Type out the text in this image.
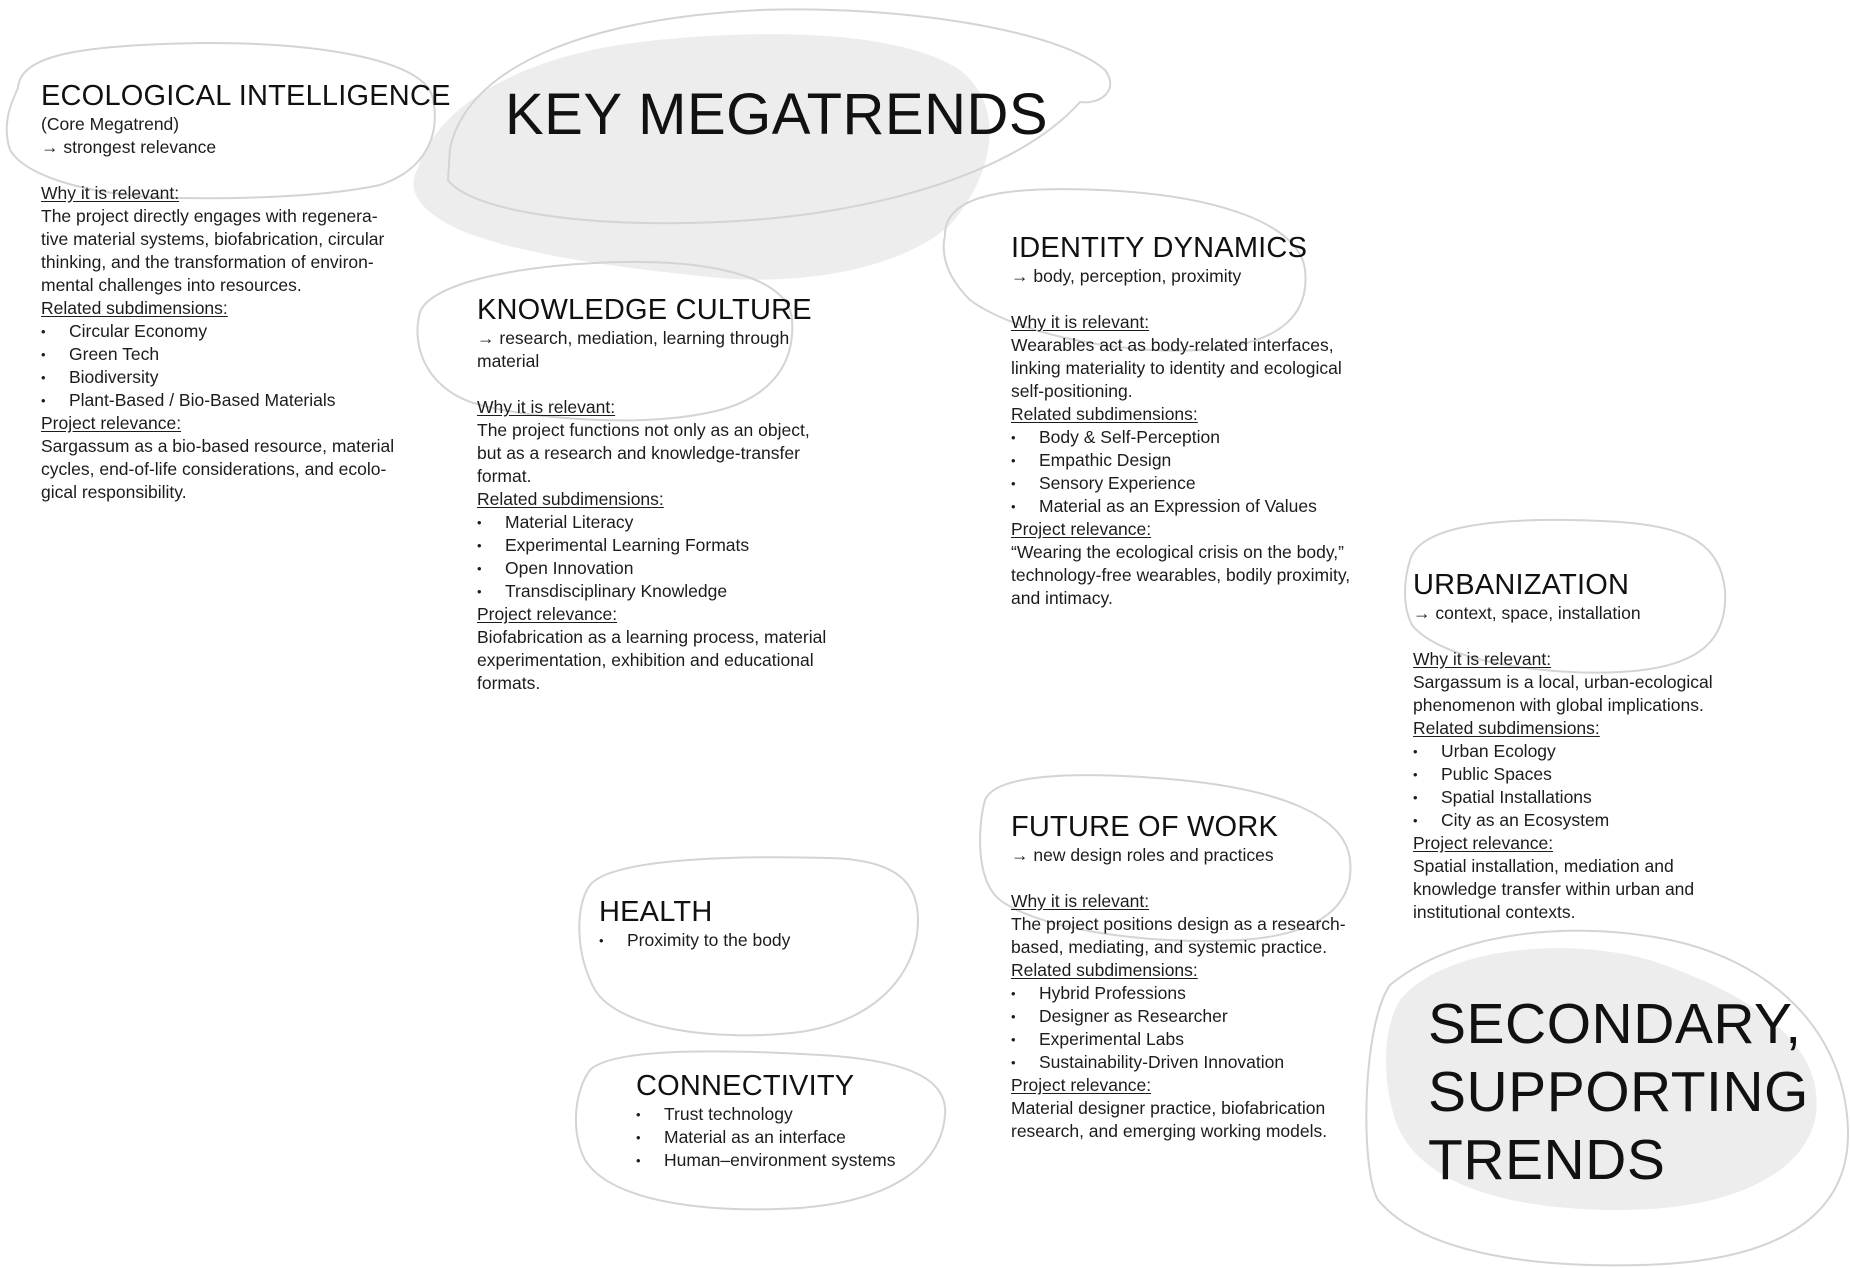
KEY MEGATRENDS
SECONDARY,
SUPPORTING
TRENDS
ECOLOGICAL INTELLIGENCE
(Core Megatrend)
→ strongest relevance
Why it is relevant:
The project directly engages with regenera-
tive material systems, biofabrication, circular
thinking, and the transformation of environ-
mental challenges into resources.
Related subdimensions:
• Circular Economy
• Green Tech
• Biodiversity
• Plant-Based / Bio-Based Materials
Project relevance:
Sargassum as a bio-based resource, material
cycles, end-of-life considerations, and ecolo-
gical responsibility.
KNOWLEDGE CULTURE
→ research, mediation, learning through
material
Why it is relevant:
The project functions not only as an object,
but as a research and knowledge-transfer
format.
Related subdimensions:
• Material Literacy
• Experimental Learning Formats
• Open Innovation
• Transdisciplinary Knowledge
Project relevance:
Biofabrication as a learning process, material
experimentation, exhibition and educational
formats.
IDENTITY DYNAMICS
→ body, perception, proximity
Why it is relevant:
Wearables act as body-related interfaces,
linking materiality to identity and ecological
self-positioning.
Related subdimensions:
• Body & Self-Perception
• Empathic Design
• Sensory Experience
• Material as an Expression of Values
Project relevance:
“Wearing the ecological crisis on the body,”
technology-free wearables, bodily proximity,
and intimacy.	URBANIZATION
→ context, space, installation
Why it is relevant:
Sargassum is a local, urban-ecological
phenomenon with global implications.
Related subdimensions:
• Urban Ecology
• Public Spaces
• Spatial Installations
• City as an Ecosystem
Project relevance:
Spatial installation, mediation and
knowledge transfer within urban and
institutional contexts.
FUTURE OF WORK
→ new design roles and practices
Why it is relevant:
The project positions design as a research-
based, mediating, and systemic practice.
Related subdimensions:
• Hybrid Professions
• Designer as Researcher
• Experimental Labs
• Sustainability-Driven Innovation
Project relevance:
Material designer practice, biofabrication
research, and emerging working models.
HEALTH
• Proximity to the body
CONNECTIVITY
• Trust technology
• Material as an interface
• Human–environment systems
